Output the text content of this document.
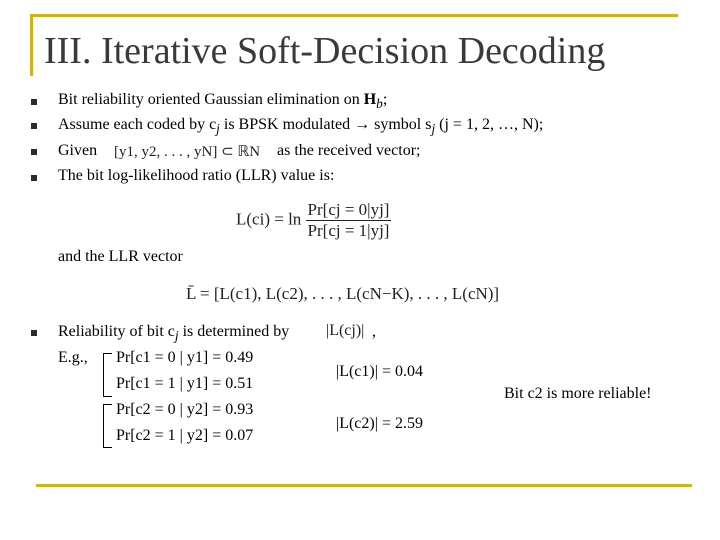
III. Iterative Soft-Decision Decoding
Bit reliability oriented Gaussian elimination on $H_b$;
Assume each coded by $c_j$ is BPSK modulated → symbol $s_j$ (j = 1, 2, …, N);
Given [y1, y2, . . . , yN] ⊂ ℝN as the received vector;
The bit log-likelihood ratio (LLR) value is:
$L(ci) = \ln \frac{Pr[cj = 0|yj]}{Pr[cj = 1|yj]}$
and the LLR vector
L̄ = [L(c1), L(c2), . . . , L(cN−K), . . . , L(cN)]
Reliability of bit $c_j$ is determined by |L(cj)| ,
E.g., Pr[c1 = 0 | y1] = 0.49
Pr[c1 = 1 | y1] = 0.51
Pr[c2 = 0 | y2] = 0.93
Pr[c2 = 1 | y2] = 0.07
|L(c1)| = 0.04
|L(c2)| = 2.59
Bit c2 is more reliable!
